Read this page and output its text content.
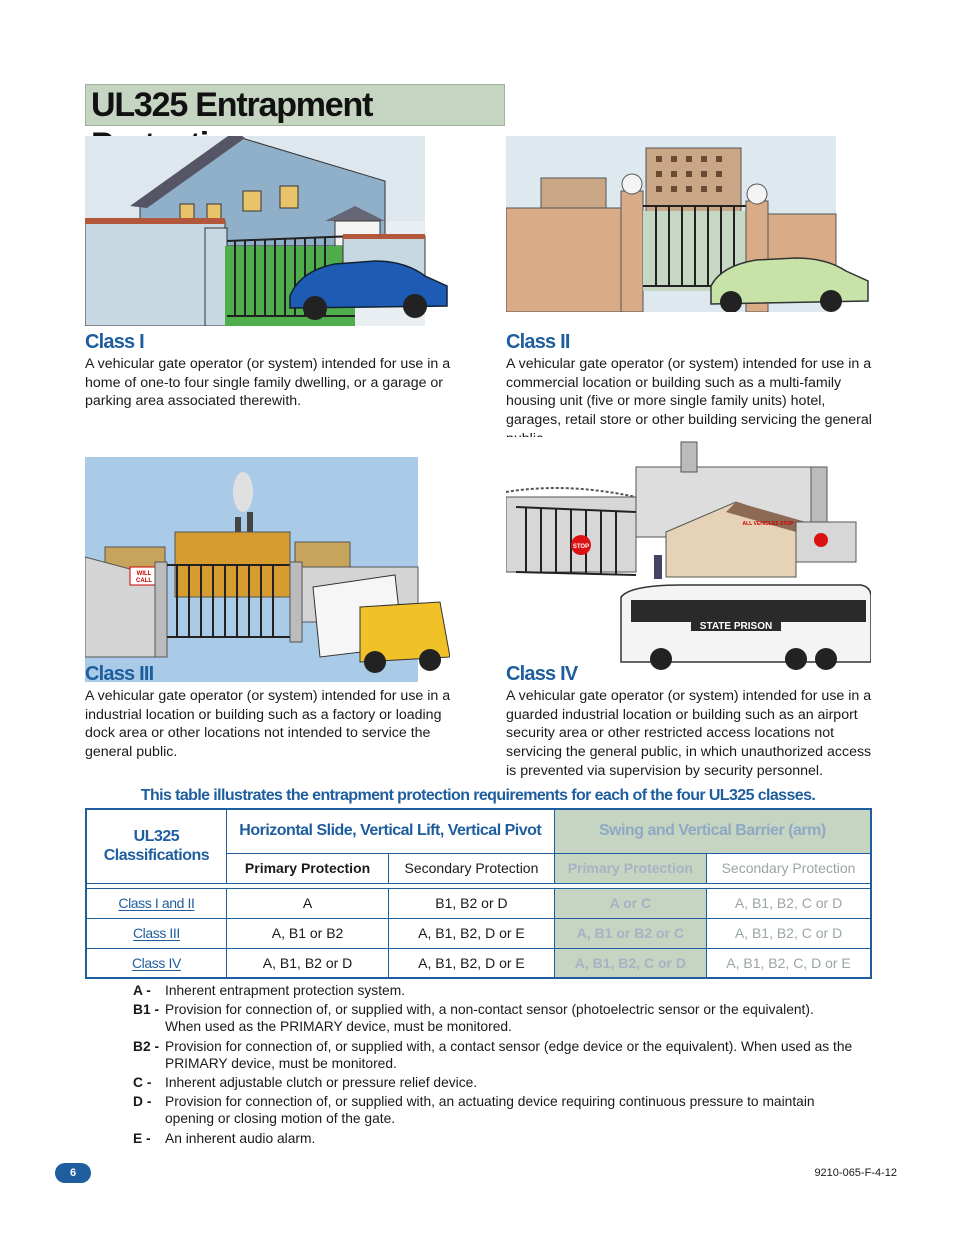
UL325 Entrapment
Class I
A vehicular gate operator (or system) intended for use in a home of one-to four single family dwelling, or a garage or parking area associated therewith.
Class II
A vehicular gate operator (or system) intended for use in a commercial location or building such as a multi-family housing unit (five or more single family units) hotel, garages, retail store or other building servicing the general
WILL
CALL
STOP
ALL VEHICLES STOP
STATE PRISON
Class III
A vehicular gate operator (or system) intended for use in a industrial location or building such as a factory or loading dock area or other locations not intended to service the general public.
Class IV
A vehicular gate operator (or system) intended for use in a guarded industrial location or building such as an airport security area or other restricted access locations not servicing the general public, in which unauthorized access is prevented via supervision by security personnel.
This table illustrates the entrapment protection requirements for each of the four UL325 classes.
UL325 Classifications	Horizontal Slide, Vertical Lift, Vertical Pivot		Swing and Vertical Barrier (arm)	
	Primary Protection	Secondary Protection	Primary Protection	Secondary Protection

Class I and II	A	B1, B2 or D	A or C	A, B1, B2, C or D
Class III	A, B1 or B2	A, B1, B2, D or E	A, B1 or B2 or C	A, B1, B2, C or D
Class IV	A, B1, B2 or D	A, B1, B2, D or E	A, B1, B2, C or D	A, B1, B2, C, D or E
A -	Inherent entrapment protection system.
B1 - Provision for connection of, or supplied with, a non-contact sensor (photoelectric sensor or the equivalent). When used as the PRIMARY device, must be monitored.
B2 - Provision for connection of, or supplied with, a contact sensor (edge device or the equivalent). When used as the PRIMARY device, must be monitored.
C - Inherent adjustable clutch or pressure relief device.
D - Provision for connection of, or supplied with, an actuating device requiring continuous pressure to maintain opening or closing motion of the gate.
E -	An inherent audio alarm.
6	9210-065-F-4-12
